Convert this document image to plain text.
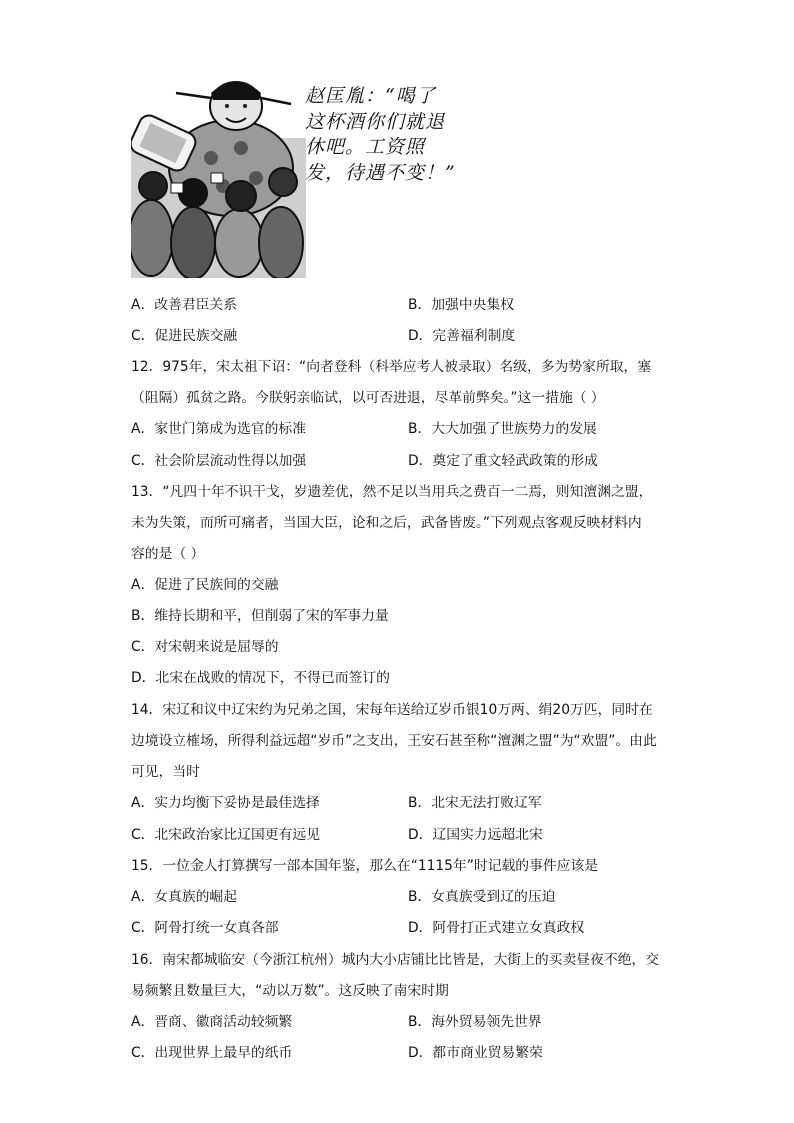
赵匡胤：“喝了
这杯酒你们就退
休吧。工资照
发，待遇不变！”
A．改善君臣关系	B．加强中央集权
C．促进民族交融	D．完善福利制度
12．975年，宋太祖下诏：“向者登科（科举应考人被录取）名级，多为势家所取，塞
（阻隔）孤贫之路。今朕躬亲临试，以可否进退，尽革前弊矣。”这一措施（ ）
A．家世门第成为选官的标准	B．大大加强了世族势力的发展
C．社会阶层流动性得以加强	D．奠定了重文轻武政策的形成
13．“凡四十年不识干戈，岁遗差优，然不足以当用兵之费百一二焉，则知澶渊之盟，
未为失策，而所可痛者，当国大臣，论和之后，武备皆废。”下列观点客观反映材料内
容的是（ ）
A．促进了民族间的交融
B．维持长期和平，但削弱了宋的军事力量
C．对宋朝来说是屈辱的
D．北宋在战败的情况下，不得已而签订的
14．宋辽和议中辽宋约为兄弟之国，宋每年送给辽岁币银10万两、绢20万匹，同时在
边境设立榷场，所得利益远超“岁币”之支出，王安石甚至称“澶渊之盟”为“欢盟”。由此
可见，当时
A．实力均衡下妥协是最佳选择	B．北宋无法打败辽军
C．北宋政治家比辽国更有远见	D．辽国实力远超北宋
15．一位金人打算撰写一部本国年鉴，那么在“1115年”时记载的事件应该是
A．女真族的崛起	B．女真族受到辽的压迫
C．阿骨打统一女真各部	D．阿骨打正式建立女真政权
16．南宋都城临安（今浙江杭州）城内大小店铺比比皆是，大街上的买卖昼夜不绝，交
易频繁且数量巨大，“动以万数”。这反映了南宋时期
A．晋商、徽商活动较频繁	B．海外贸易领先世界
C．出现世界上最早的纸币	D．都市商业贸易繁荣
